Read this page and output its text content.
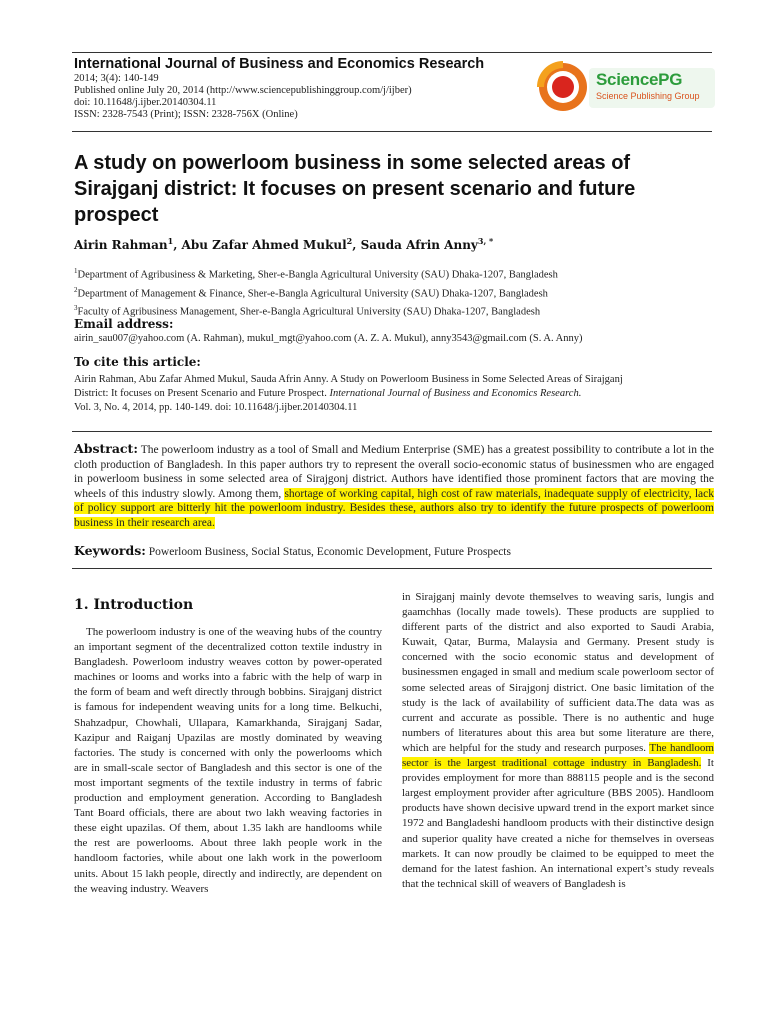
International Journal of Business and Economics Research
2014; 3(4): 140-149
Published online July 20, 2014 (http://www.sciencepublishinggroup.com/j/ijber)
doi: 10.11648/j.ijber.20140304.11
ISSN: 2328-7543 (Print); ISSN: 2328-756X (Online)
SciencePG
Science Publishing Group
A study on powerloom business in some selected areas of Sirajganj district: It focuses on present scenario and future prospect
Airin Rahman$^1$, Abu Zafar Ahmed Mukul$^2$, Sauda Afrin Anny$^{3, *}$
$^1$Department of Agribusiness & Marketing, Sher-e-Bangla Agricultural University (SAU) Dhaka-1207, Bangladesh
$^2$Department of Management & Finance, Sher-e-Bangla Agricultural University (SAU) Dhaka-1207, Bangladesh
$^3$Faculty of Agribusiness Management, Sher-e-Bangla Agricultural University (SAU) Dhaka-1207, Bangladesh
Email address:
airin_sau007@yahoo.com (A. Rahman), mukul_mgt@yahoo.com (A. Z. A. Mukul), anny3543@gmail.com (S. A. Anny)
To cite this article:
Airin Rahman, Abu Zafar Ahmed Mukul, Sauda Afrin Anny. A Study on Powerloom Business in Some Selected Areas of Sirajganj
District: It focuses on Present Scenario and Future Prospect. International Journal of Business and Economics Research.
Vol. 3, No. 4, 2014, pp. 140-149. doi: 10.11648/j.ijber.20140304.11
Abstract: The powerloom industry as a tool of Small and Medium Enterprise (SME) has a greatest possibility to contribute a lot in the cloth production of Bangladesh. In this paper authors try to represent the overall socio-economic status of businessmen who are engaged in powerloom business in some selected area of Sirajgonj district. Authors have identified those prominent factors that are moving the wheels of this industry slowly. Among them, shortage of working capital, high cost of raw materials, inadequate supply of electricity, lack of policy support are bitterly hit the powerloom industry. Besides these, authors also try to identify the future prospects of powerloom business in their research area.
Keywords: Powerloom Business, Social Status, Economic Development, Future Prospects
1. Introduction
The powerloom industry is one of the weaving hubs of the country an important segment of the decentralized cotton textile industry in Bangladesh. Powerloom industry weaves cotton by power-operated machines or looms and works into a fabric with the help of warp in the form of beam and weft directly through bobbins. Sirajganj district is famous for independent weaving units for a long time. Belkuchi, Shahzadpur, Chowhali, Ullapara, Kamarkhanda, Sirajganj Sadar, Kazipur and Raiganj Upazilas are mostly dominated by weaving factories. The study is concerned with only the powerlooms which are in small-scale sector of Bangladesh and this sector is one of the most important segments of the textile industry in terms of fabric production and employment generation. According to Bangladesh Tant Board officials, there are about two lakh weaving factories in these eight upazilas. Of them, about 1.35 lakh are handlooms while the rest are powerlooms. About three lakh people work in the handloom factories, while about one lakh work in the powerloom units. About 15 lakh people, directly and indirectly, are dependent on the weaving industry. Weavers
in Sirajganj mainly devote themselves to weaving saris, lungis and gaamchhas (locally made towels). These products are supplied to different parts of the district and also exported to Saudi Arabia, Kuwait, Qatar, Burma, Malaysia and Germany. Present study is concerned with the socio economic status and development of businessmen engaged in small and medium scale powerloom sector of some selected areas of Sirajgonj district. One basic limitation of the study is the lack of availability of sufficient data.The data was as current and accurate as possible. There is no authentic and huge numbers of literatures about this area but some literature are there, which are helpful for the study and research purposes. The handloom sector is the largest traditional cottage industry in Bangladesh. It provides employment for more than 888115 people and is the second largest employment provider after agriculture (BBS 2005). Handloom products have shown decisive upward trend in the export market since 1972 and Bangladeshi handloom products with their distinctive design and superior quality have created a niche for themselves in overseas markets. It can now proudly be claimed to be equipped to meet the demand for the latest fashion. An international expert’s study reveals that the technical skill of weavers of Bangladesh is
